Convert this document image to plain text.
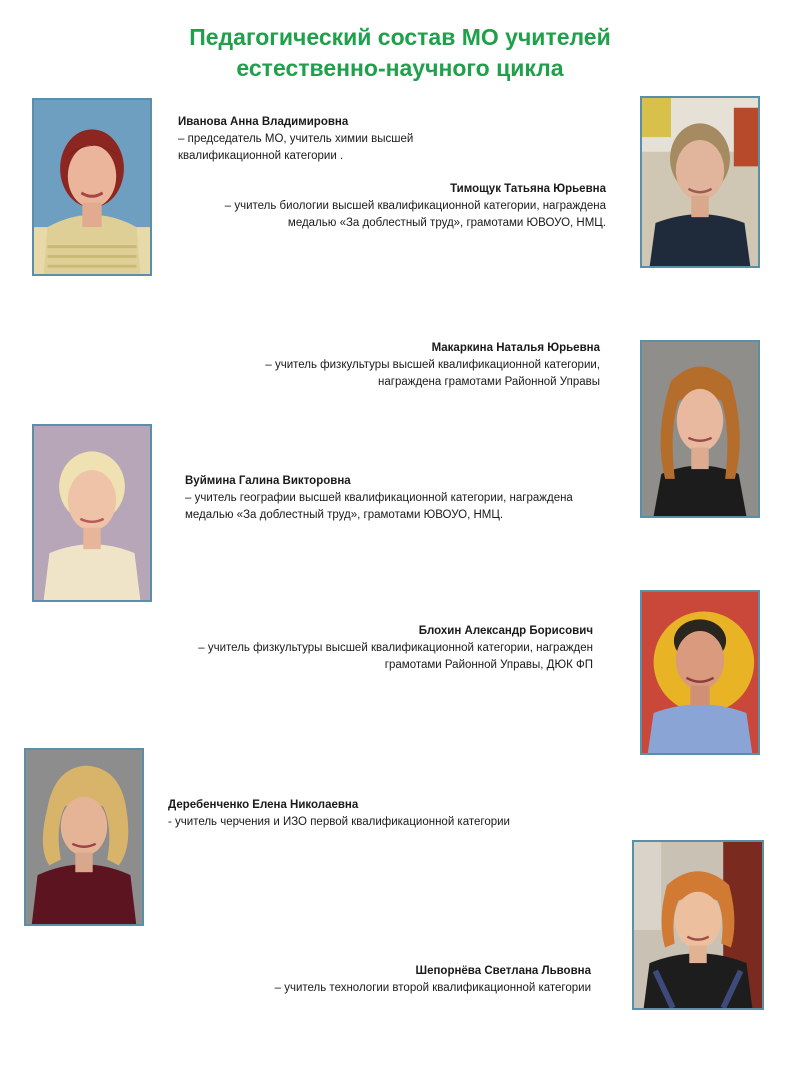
Педагогический состав МО учителей
естественно-научного цикла
Иванова Анна Владимировна
– председатель МО, учитель химии высшей квалификационной категории .
Тимощук Татьяна Юрьевна
– учитель биологии высшей квалификационной категории, награждена медалью «За доблестный труд», грамотами ЮВОУО, НМЦ.
Макаркина Наталья Юрьевна
– учитель физкультуры высшей квалификационной категории, награждена грамотами Районной Управы
Вуймина Галина Викторовна
– учитель географии высшей квалификационной категории, награждена медалью «За доблестный труд», грамотами ЮВОУО, НМЦ.
Блохин Александр Борисович
– учитель физкультуры высшей квалификационной категории, награжден грамотами Районной Управы, ДЮК ФП
Деребенченко Елена Николаевна
- учитель черчения и ИЗО первой квалификационной категории
Шепорнёва Светлана Львовна
– учитель технологии второй квалификационной категории
